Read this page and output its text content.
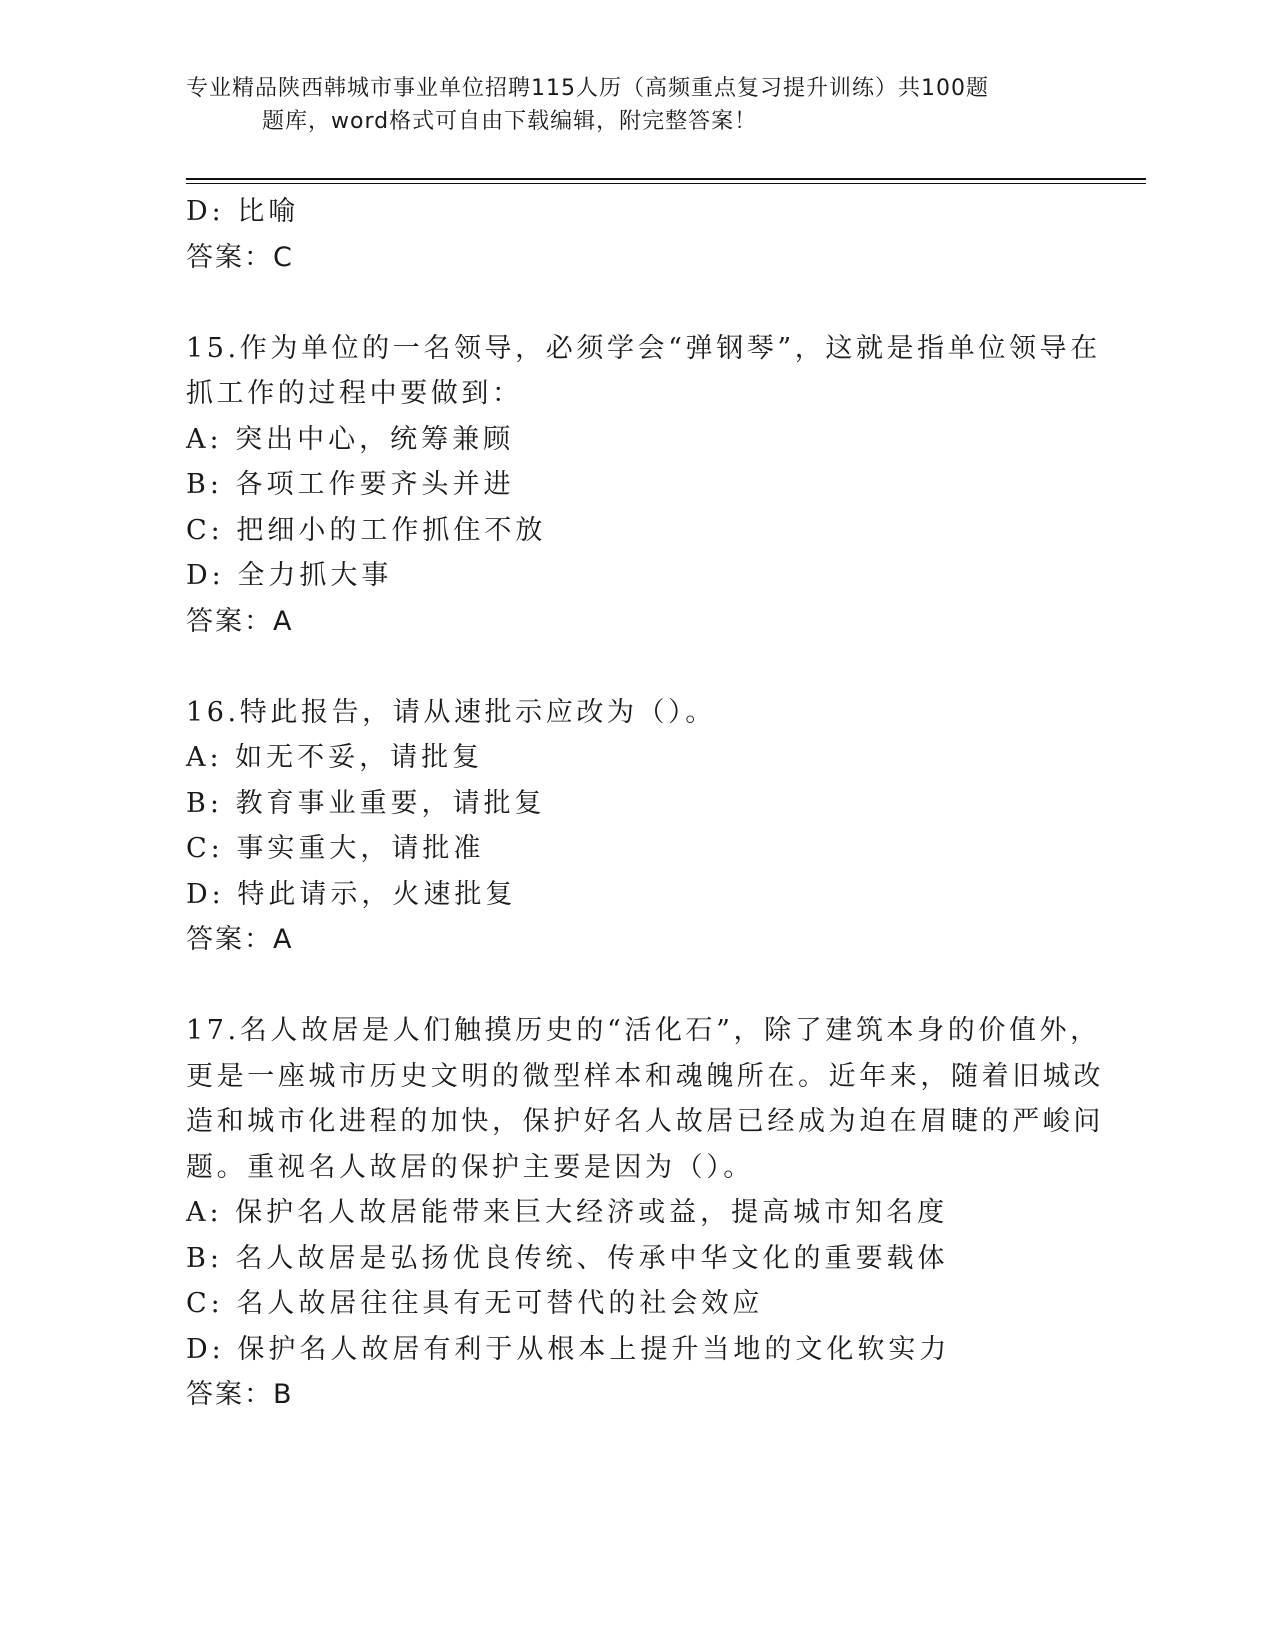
专业精品陕西韩城市事业单位招聘115人历（高频重点复习提升训练）共100题
题库，word格式可自由下载编辑，附完整答案！
D: 比喻
答案：C
15.作为单位的一名领导，必须学会“弹钢琴”，这就是指单位领导在
抓工作的过程中要做到：
A: 突出中心，统筹兼顾
B: 各项工作要齐头并进
C: 把细小的工作抓住不放
D: 全力抓大事
答案：A
16.特此报告，请从速批示应改为（）。
A: 如无不妥，请批复
B: 教育事业重要，请批复
C: 事实重大，请批准
D: 特此请示，火速批复
答案：A
17.名人故居是人们触摸历史的“活化石”，除了建筑本身的价值外，
更是一座城市历史文明的微型样本和魂魄所在。近年来，随着旧城改
造和城市化进程的加快，保护好名人故居已经成为迫在眉睫的严峻问
题。重视名人故居的保护主要是因为（）。
A: 保护名人故居能带来巨大经济或益，提高城市知名度
B: 名人故居是弘扬优良传统、传承中华文化的重要载体
C: 名人故居往往具有无可替代的社会效应
D: 保护名人故居有利于从根本上提升当地的文化软实力
答案：B
